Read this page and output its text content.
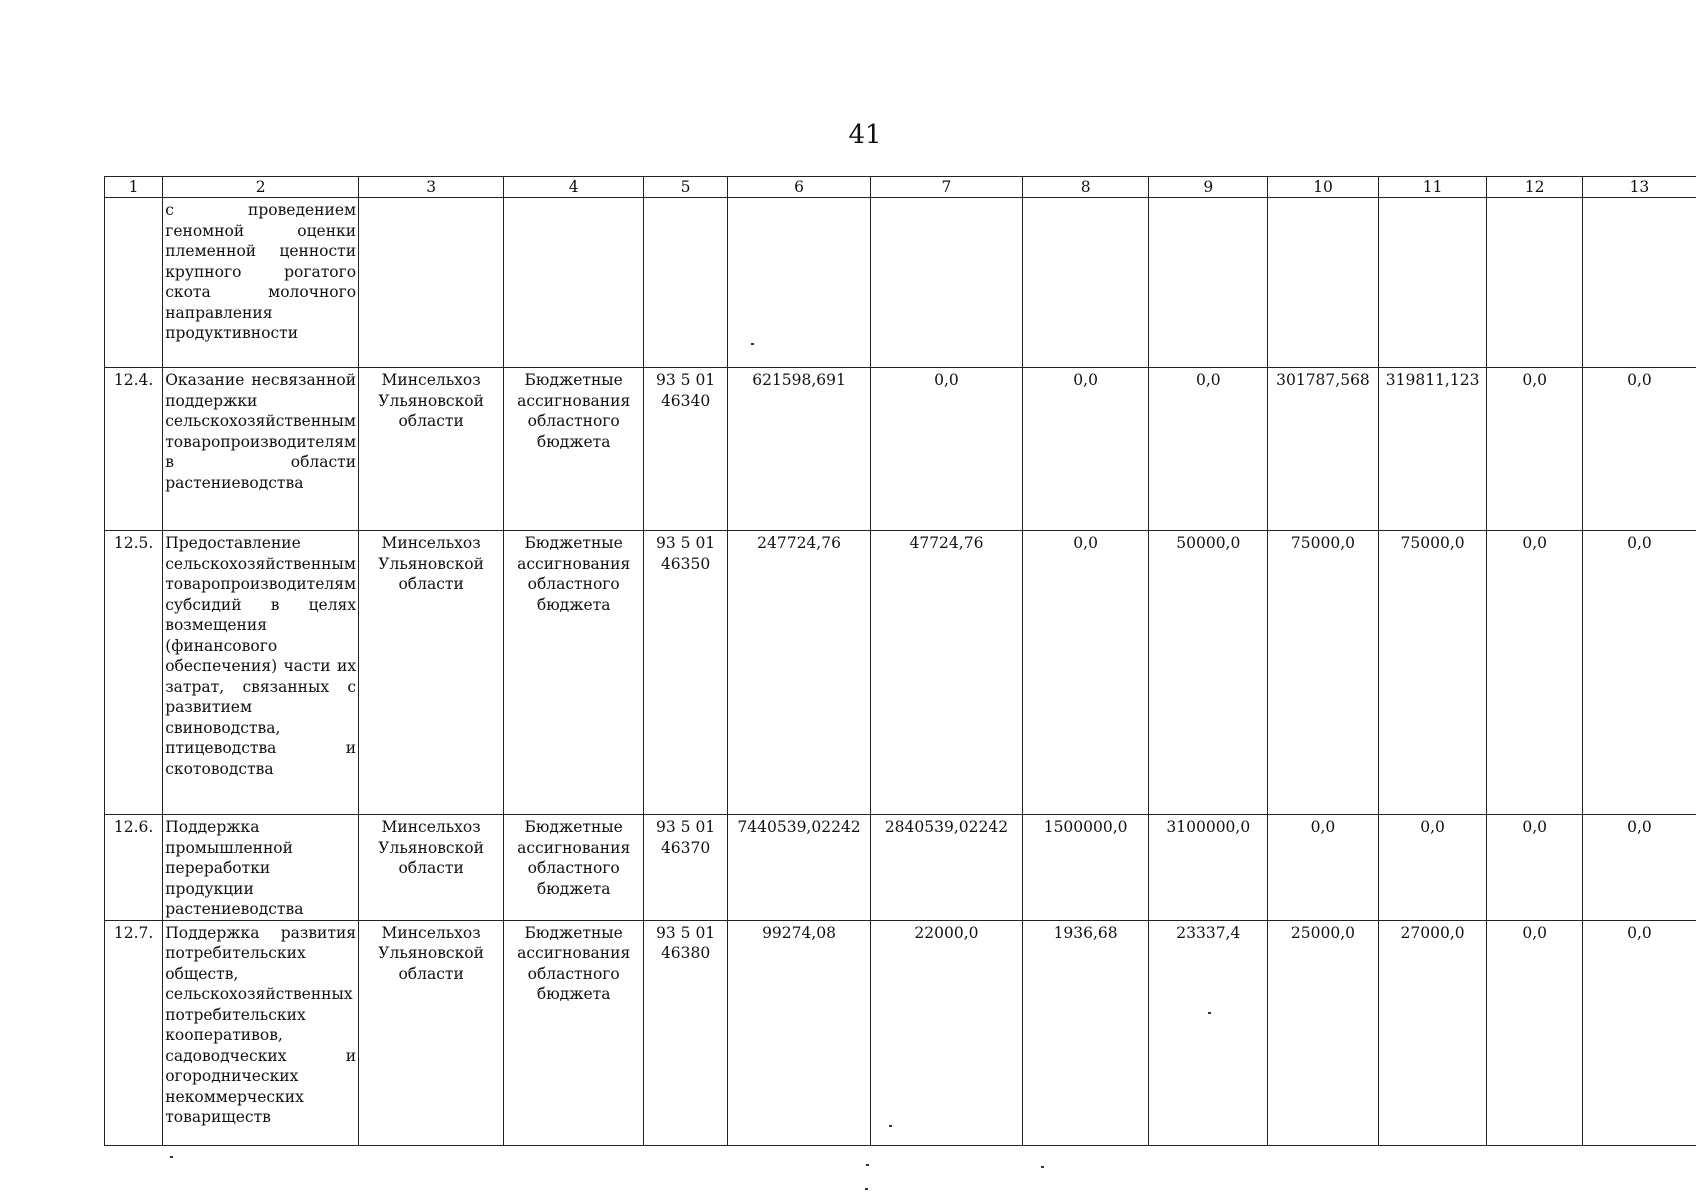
41
1	2	3	4	5	6	7	8	9	10	11	12	13
	с проведением геномной оценки племенной ценности крупного рогатого скота молочного направления продуктивности											
12.4.	Оказание несвязанной поддержки сельскохозяйственным товаропроизводителям в области растениеводства	Минсельхоз Ульяновской области	Бюджетные ассигнования областного бюджета	93 5 01 46340	621598,691	0,0	0,0	0,0	301787,568	319811,123	0,0	0,0
12.5.	Предоставление сельскохозяйственным товаропроизводителям субсидий в целях возмещения (финансового обеспечения) части их затрат, связанных с развитием свиноводства, птицеводства и скотоводства	Минсельхоз Ульяновской области	Бюджетные ассигнования областного бюджета	93 5 01 46350	247724,76	47724,76	0,0	50000,0	75000,0	75000,0	0,0	0,0
12.6.	Поддержка промышленной переработки продукции растениеводства	Минсельхоз Ульяновской области	Бюджетные ассигнования областного бюджета	93 5 01 46370	7440539,02242	2840539,02242	1500000,0	3100000,0	0,0	0,0	0,0	0,0
12.7.	Поддержка развития потребительских обществ, сельскохозяйственных потребительских кооперативов, садоводческих и огороднических некоммерческих товариществ	Минсельхоз Ульяновской области	Бюджетные ассигнования областного бюджета	93 5 01 46380	99274,08	22000,0	1936,68	23337,4	25000,0	27000,0	0,0	0,0
